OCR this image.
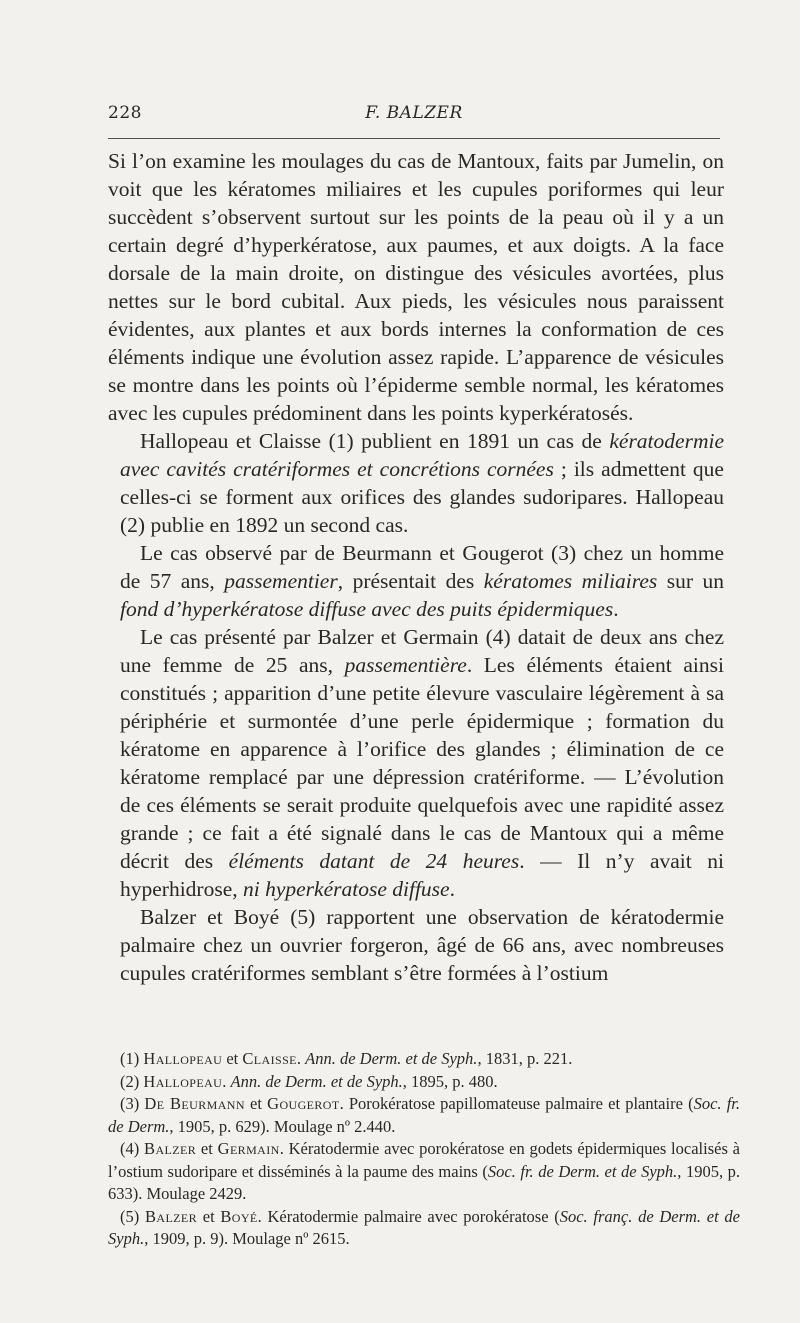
228	F. BALZER

Si l’on examine les moulages du cas de Mantoux, faits par Jumelin, on voit que les kératomes miliaires et les cupules poriformes qui leur succèdent s’observent surtout sur les points de la peau où il y a un certain degré d’hyperkératose, aux paumes, et aux doigts. A la face dorsale de la main droite, on distingue des vésicules avortées, plus nettes sur le bord cubital. Aux pieds, les vésicules nous paraissent évidentes, aux plantes et aux bords internes la conformation de ces éléments indique une évolution assez rapide. L’apparence de vésicules se montre dans les points où l’épiderme semble normal, les kératomes avec les cupules prédominent dans les points kyperkératosés.

Hallopeau et Claisse (1) publient en 1891 un cas de kératodermie avec cavités cratériformes et concrétions cornées ; ils admettent que celles-ci se forment aux orifices des glandes sudoripares. Hallopeau (2) publie en 1892 un second cas.

Le cas observé par de Beurmann et Gougerot (3) chez un homme de 57 ans, passementier, présentait des kératomes miliaires sur un fond d’hyperkératose diffuse avec des puits épidermiques.

Le cas présenté par Balzer et Germain (4) datait de deux ans chez une femme de 25 ans, passementière. Les éléments étaient ainsi constitués ; apparition d’une petite élevure vasculaire légèrement à sa périphérie et surmontée d’une perle épidermique ; formation du kératome en apparence à l’orifice des glandes ; élimination de ce kératome remplacé par une dépression cratériforme. — L’évolution de ces éléments se serait produite quelquefois avec une rapidité assez grande ; ce fait a été signalé dans le cas de Mantoux qui a même décrit des éléments datant de 24 heures. — Il n’y avait ni hyperhidrose, ni hyperkératose diffuse.

Balzer et Boyé (5) rapportent une observation de kératodermie palmaire chez un ouvrier forgeron, âgé de 66 ans, avec nombreuses cupules cratériformes semblant s’être formées à l’ostium

(1) Hallopeau et Claisse. Ann. de Derm. et de Syph., 1831, p. 221.

(2) Hallopeau. Ann. de Derm. et de Syph., 1895, p. 480.

(3) De Beurmann et Gougerot. Porokératose papillomateuse palmaire et plantaire (Soc. fr. de Derm., 1905, p. 629). Moulage nº 2.440.

(4) Balzer et Germain. Kératodermie avec porokératose en godets épidermiques localisés à l’ostium sudoripare et disséminés à la paume des mains (Soc. fr. de Derm. et de Syph., 1905, p. 633). Moulage 2429.

(5) Balzer et Boyé. Kératodermie palmaire avec porokératose (Soc. franç. de Derm. et de Syph., 1909, p. 9). Moulage nº 2615.
